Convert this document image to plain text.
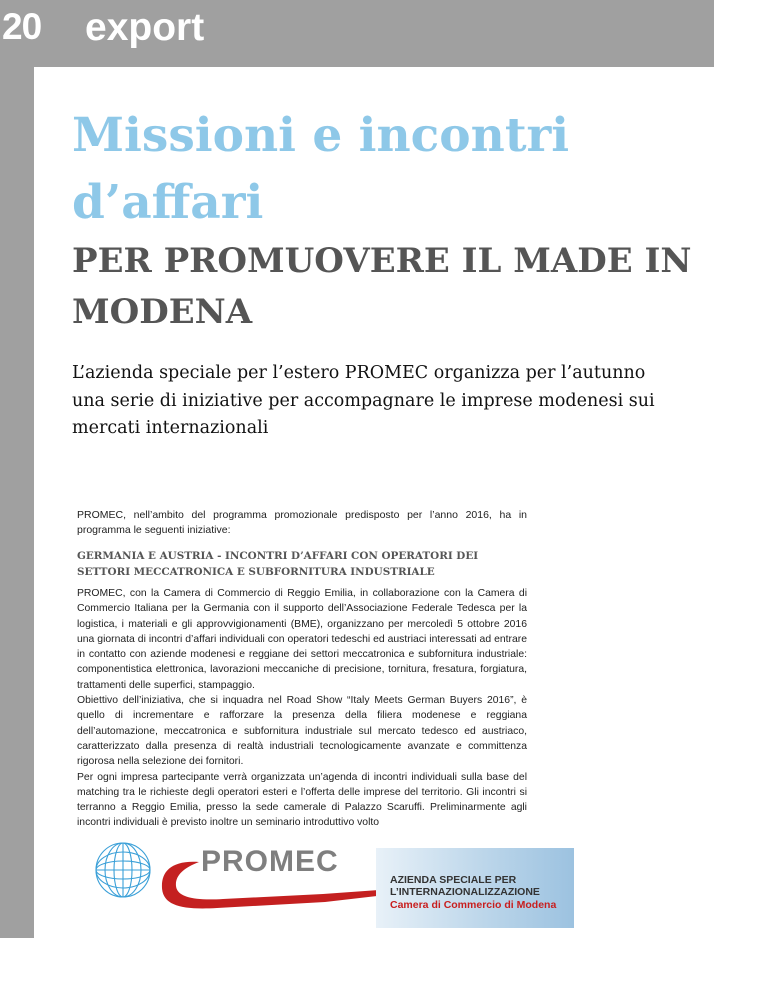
20 export
Missioni e incontri d’affari
PER PROMUOVERE IL MADE IN MODENA

L’azienda speciale per l’estero PROMEC organizza per l’autunno una serie di iniziative per accompagnare le imprese modenesi sui mercati internazionali

PROMEC, nell’ambito del programma promozionale predisposto per l’anno 2016, ha in programma le seguenti iniziative:

GERMANIA E AUSTRIA - INCONTRI D’AFFARI CON OPERATORI DEI SETTORI MECCATRONICA E SUBFORNITURA INDUSTRIALE

PROMEC, con la Camera di Commercio di Reggio Emilia, in collaborazione con la Camera di Commercio Italiana per la Germania con il supporto dell’Associazione Federale Tedesca per la logistica, i materiali e gli approvvigionamenti (BME), organizzano per mercoledì 5 ottobre 2016 una giornata di incontri d’affari individuali con operatori tedeschi ed austriaci interessati ad entrare in contatto con aziende modenesi e reggiane dei settori meccatronica e subfornitura industriale: componentistica elettronica, lavorazioni meccaniche di precisione, tornitura, fresatura, forgiatura, trattamenti delle superfici, stampaggio.

Obiettivo dell’iniziativa, che si inquadra nel Road Show “Italy Meets German Buyers 2016”, è quello di incrementare e rafforzare la presenza della filiera modenese e reggiana dell’automazione, meccatronica e subfornitura industriale sul mercato tedesco ed austriaco, caratterizzato dalla presenza di realtà industriali tecnologicamente avanzate e committenza rigorosa nella selezione dei fornitori.

Per ogni impresa partecipante verrà organizzata un’agenda di incontri individuali sulla base del matching tra le richieste degli operatori esteri e l’offerta delle imprese del territorio. Gli incontri si terranno a Reggio Emilia, presso la sede camerale di Palazzo Scaruffi. Preliminarmente agli incontri individuali è previsto inoltre un seminario introduttivo volto

PROMEC
AZIENDA SPECIALE PER
L’INTERNAZIONALIZZAZIONE
Camera di Commercio di Modena
